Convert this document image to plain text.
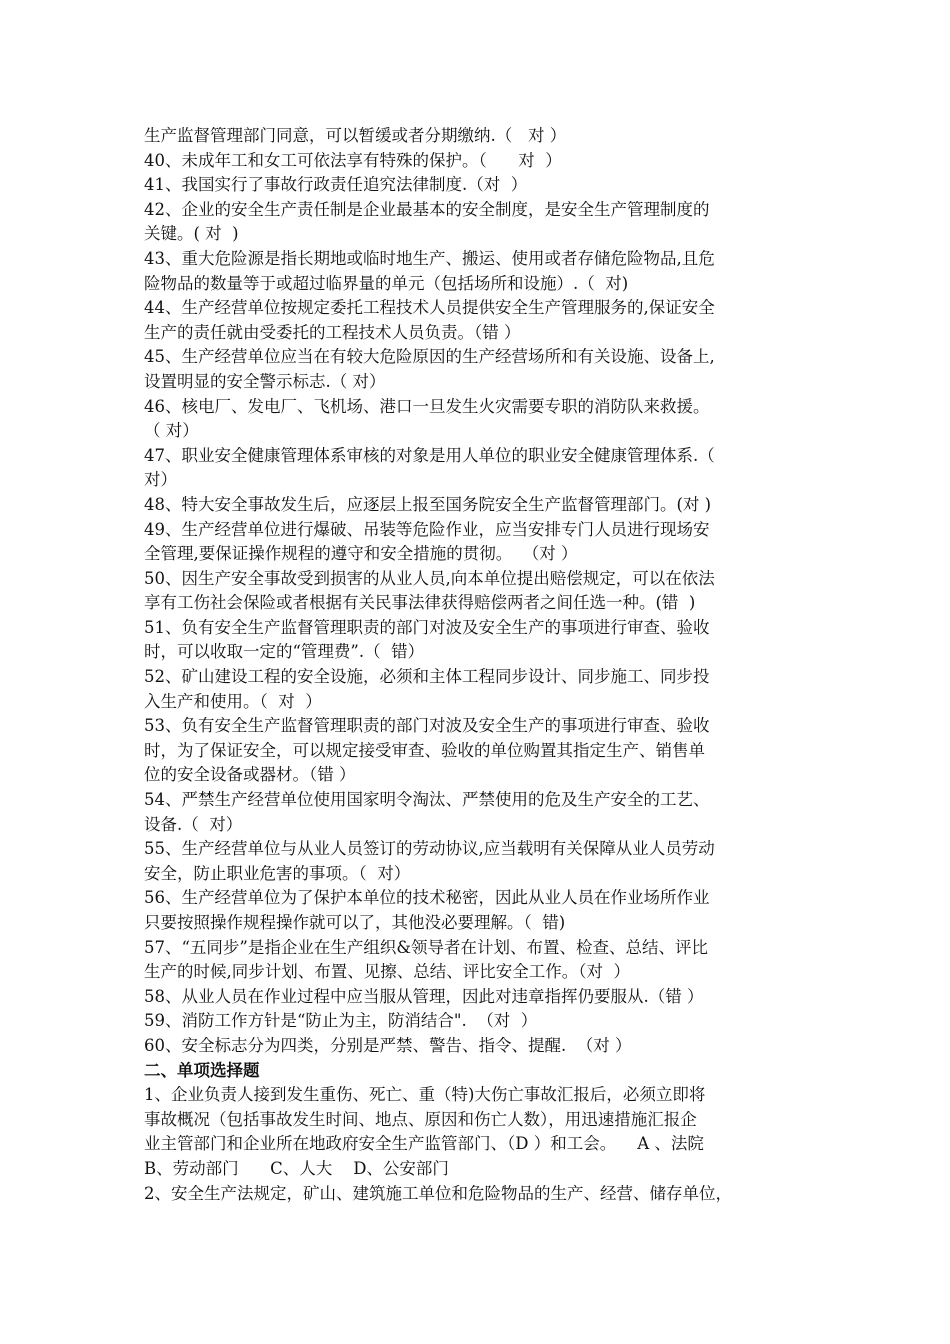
生产监督管理部门同意，可以暂缓或者分期缴纳.（   对 ）
40、未成年工和女工可依法享有特殊的保护。（      对  ）
41、我国实行了事故行政责任追究法律制度.（对  ）
42、企业的安全生产责任制是企业最基本的安全制度，是安全生产管理制度的
关键。( 对  )
43、重大危险源是指长期地或临时地生产、搬运、使用或者存储危险物品,且危
险物品的数量等于或超过临界量的单元（包括场所和设施）.（  对)
44、生产经营单位按规定委托工程技术人员提供安全生产管理服务的,保证安全
生产的责任就由受委托的工程技术人员负责。（错 ）
45、生产经营单位应当在有较大危险原因的生产经营场所和有关设施、设备上,
设置明显的安全警示标志.（ 对）
46、核电厂、发电厂、飞机场、港口一旦发生火灾需要专职的消防队来救援。
（ 对）
47、职业安全健康管理体系审核的对象是用人单位的职业安全健康管理体系.（
对）
48、特大安全事故发生后，应逐层上报至国务院安全生产监督管理部门。(对 )
49、生产经营单位进行爆破、吊装等危险作业，应当安排专门人员进行现场安
全管理,要保证操作规程的遵守和安全措施的贯彻。  （对 ）
50、因生产安全事故受到损害的从业人员,向本单位提出赔偿规定，可以在依法
享有工伤社会保险或者根据有关民事法律获得赔偿两者之间任选一种。(错  )
51、负有安全生产监督管理职责的部门对波及安全生产的事项进行审查、验收
时，可以收取一定的“管理费”.（  错）
52、矿山建设工程的安全设施，必须和主体工程同步设计、同步施工、同步投
入生产和使用。（  对  ）
53、负有安全生产监督管理职责的部门对波及安全生产的事项进行审查、验收
时，为了保证安全，可以规定接受审查、验收的单位购置其指定生产、销售单
位的安全设备或器材。（错 ）
54、严禁生产经营单位使用国家明令淘汰、严禁使用的危及生产安全的工艺、
设备.（  对）
55、生产经营单位与从业人员签订的劳动协议,应当载明有关保障从业人员劳动
安全，防止职业危害的事项。（  对）
56、生产经营单位为了保护本单位的技术秘密，因此从业人员在作业场所作业
只要按照操作规程操作就可以了，其他没必要理解。（  错)
57、“五同步”是指企业在生产组织&领导者在计划、布置、检查、总结、评比
生产的时候,同步计划、布置、见擦、总结、评比安全工作。（对  ）
58、从业人员在作业过程中应当服从管理，因此对违章指挥仍要服从.（错 ）
59、消防工作方针是“防止为主，防消结合".  （对  ）
60、安全标志分为四类，分别是严禁、警告、指令、提醒.  （对 ）
二、单项选择题
1、企业负责人接到发生重伤、死亡、重（特)大伤亡事故汇报后，必须立即将
事故概况（包括事故发生时间、地点、原因和伤亡人数），用迅速措施汇报企
业主管部门和企业所在地政府安全生产监管部门、（D ）和工会。    A 、法院
B、劳动部门      C、人大    D、公安部门
2、安全生产法规定，矿山、建筑施工单位和危险物品的生产、经营、储存单位，
